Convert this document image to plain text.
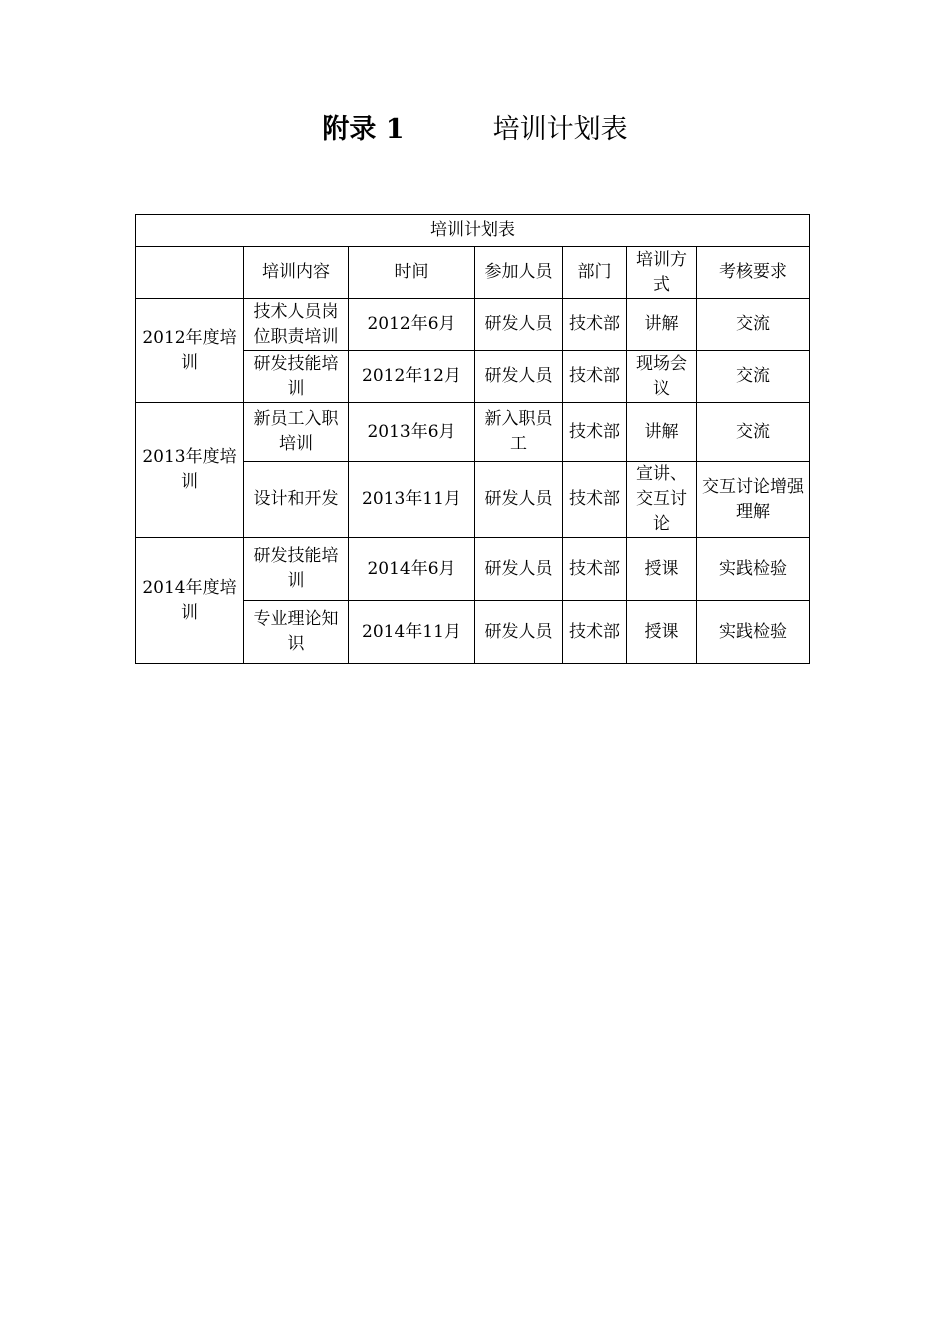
附录 1	培训计划表
培训计划表						
	培训内容	时间	参加人员	部门	培训方式	考核要求
2012年度培训	技术人员岗位职责培训	2012年6月	研发人员	技术部	讲解	交流
	研发技能培训	2012年12月	研发人员	技术部	现场会议	交流
2013年度培训	新员工入职培训	2013年6月	新入职员工	技术部	讲解	交流
	设计和开发	2013年11月	研发人员	技术部	宣讲、交互讨论	交互讨论增强理解
2014年度培训	研发技能培训	2014年6月	研发人员	技术部	授课	实践检验
	专业理论知识	2014年11月	研发人员	技术部	授课	实践检验
